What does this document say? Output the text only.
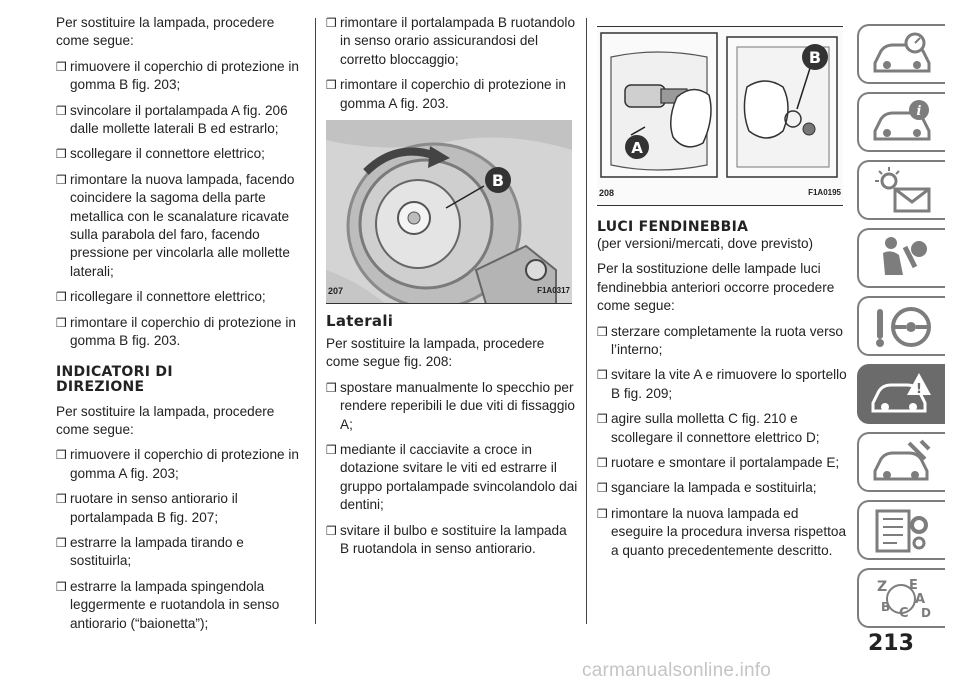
Per sostituire la lampada, procedere come segue:

❒ rimuovere il coperchio di protezione in gomma B fig. 203;
❒ svincolare il portalampada A fig. 206 dalle mollette laterali B ed estrarlo;
❒ scollegare il connettore elettrico;
❒ rimontare la nuova lampada, facendo coincidere la sagoma della parte metallica con le scanalature ricavate sulla parabola del faro, facendo pressione per vincolarla alle mollette laterali;
❒ ricollegare il connettore elettrico;
❒ rimontare il coperchio di protezione in gomma B fig. 203.
INDICATORI DI
DIREZIONE

Per sostituire la lampada, procedere come segue:

❒ rimuovere il coperchio di protezione in gomma A fig. 203;
❒ ruotare in senso antiorario il portalampada B fig. 207;
❒ estrarre la lampada tirando e sostituirla;
❒ estrarre la lampada spingendola leggermente e ruotandola in senso antiorario (“baionetta”);
❒ rimontare il portalampada B ruotandolo in senso orario assicurandosi del corretto bloccaggio;
❒ rimontare il coperchio di protezione in gomma A fig. 203.
B
207	F1A0317
Laterali

Per sostituire la lampada, procedere come segue fig. 208:

❒ spostare manualmente lo specchio per rendere reperibili le due viti di fissaggio A;
❒ mediante il cacciavite a croce in dotazione svitare le viti ed estrarre il gruppo portalampade svincolandolo dai dentini;
❒ svitare il bulbo e sostituire la lampada B ruotandola in senso antiorario.
A
B
208	F1A0195
LUCI FENDINEBBIA

(per versioni/mercati, dove previsto)

Per la sostituzione delle lampade luci fendinebbia anteriori occorre procedere come segue:

❒ sterzare completamente la ruota verso l’interno;
❒ svitare la vite A e rimuovere lo sportello B fig. 209;
❒ agire sulla molletta C fig. 210 e scollegare il connettore elettrico D;
❒ ruotare e smontare il portalampade E;
❒ sganciare la lampada e sostituirla;
❒ rimontare la nuova lampada ed eseguire la procedura inversa rispettoa a quanto precedentemente descritto.
i
!
Z E
A
B C D
213
carmanualsonline.info
